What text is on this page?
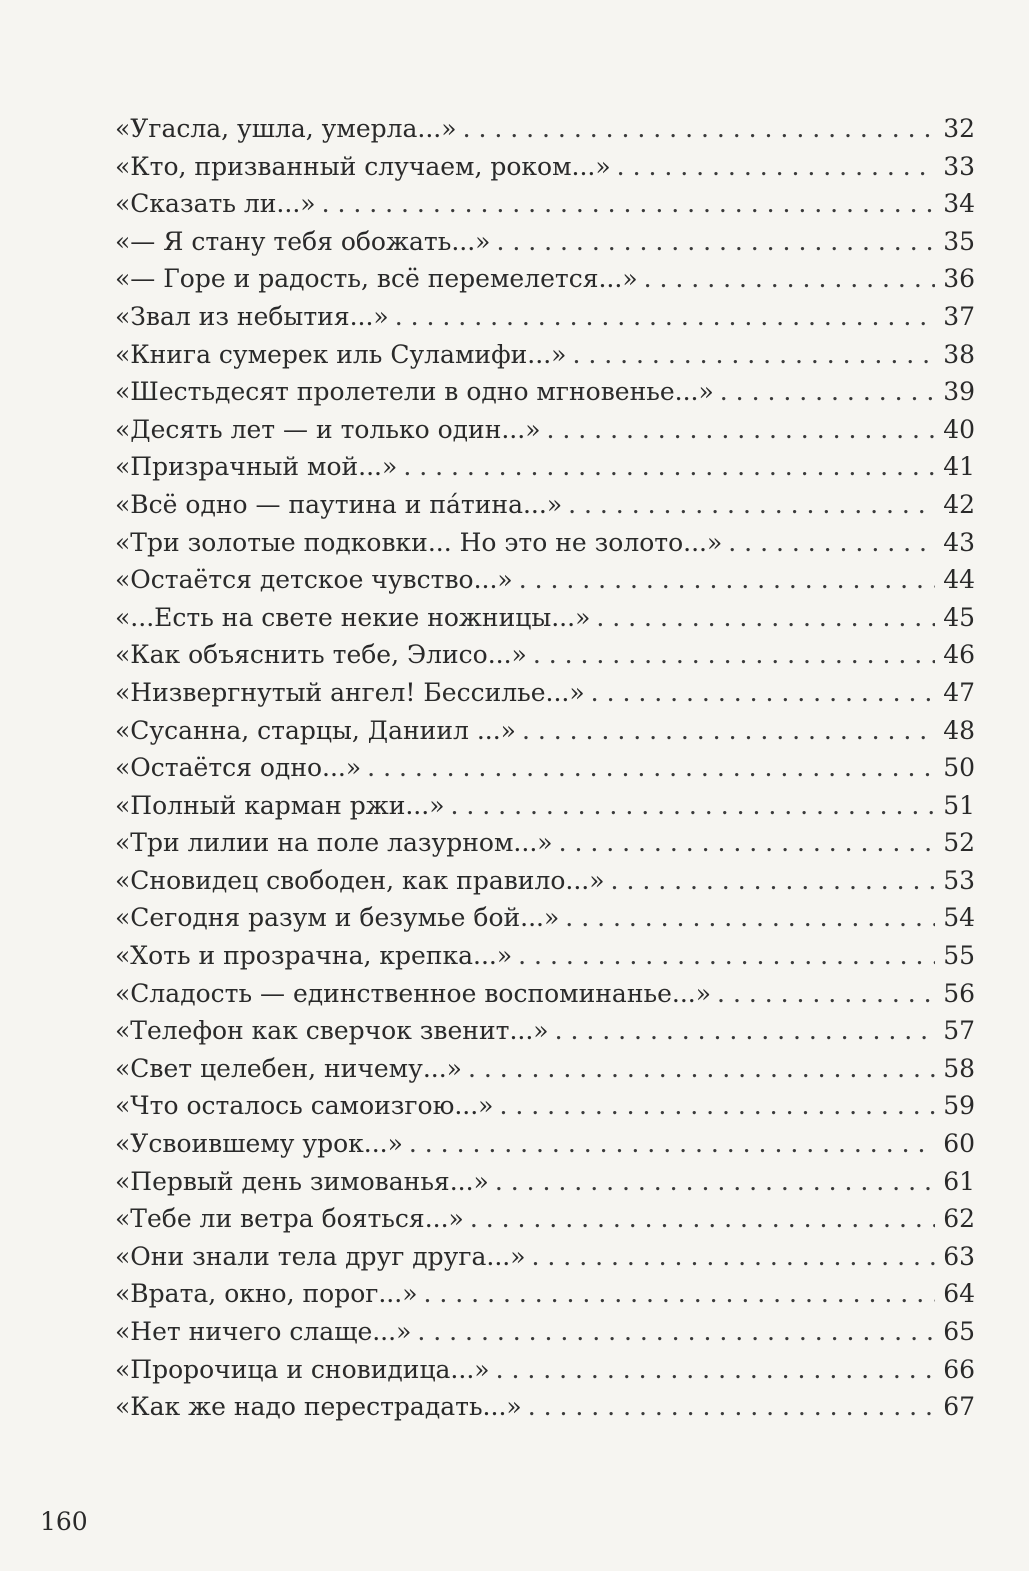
«Угасла, ушла, умерла...» . . .	32
«Кто, призванный случаем, роком...» . . .	33
«Сказать ли...» . . .	34
«— Я стану тебя обожать...» . . .	35
«— Горе и радость, всё перемелется...» . . .	36
«Звал из небытия...» . . .	37
«Книга сумерек иль Суламифи...» . . .	38
«Шестьдесят пролетели в одно мгновенье...» . . .	39
«Десять лет — и только один...» . . .	40
«Призрачный мой...» . . .	41
«Всё одно — паутина и пáтина...» . . .	42
«Три золотые подковки... Но это не золото...» . . .	43
«Остаётся детское чувство...» . . .	44
«...Есть на свете некие ножницы...» . . .	45
«Как объяснить тебе, Элисо...» . . .	46
«Низвергнутый ангел! Бессилье...» . . .	47
«Сусанна, старцы, Даниил ...» . . .	48
«Остаётся одно...» . . .	50
«Полный карман ржи...» . . .	51
«Три лилии на поле лазурном...» . . .	52
«Сновидец свободен, как правило...» . . .	53
«Сегодня разум и безумье бой...» . . .	54
«Хоть и прозрачна, крепка...» . . .	55
«Сладость — единственное воспоминанье...» . . .	56
«Телефон как сверчок звенит...» . . .	57
«Свет целебен, ничему...» . . .	58
«Что осталось самоизгою...» . . .	59
«Усвоившему урок...» . . .	60
«Первый день зимованья...» . . .	61
«Тебе ли ветра бояться...» . . .	62
«Они знали тела друг друга...» . . .	63
«Врата, окно, порог...» . . .	64
«Нет ничего слаще...» . . .	65
«Пророчица и сновидица...» . . .	66
«Как же надо перестрадать...» . . .	67
160
